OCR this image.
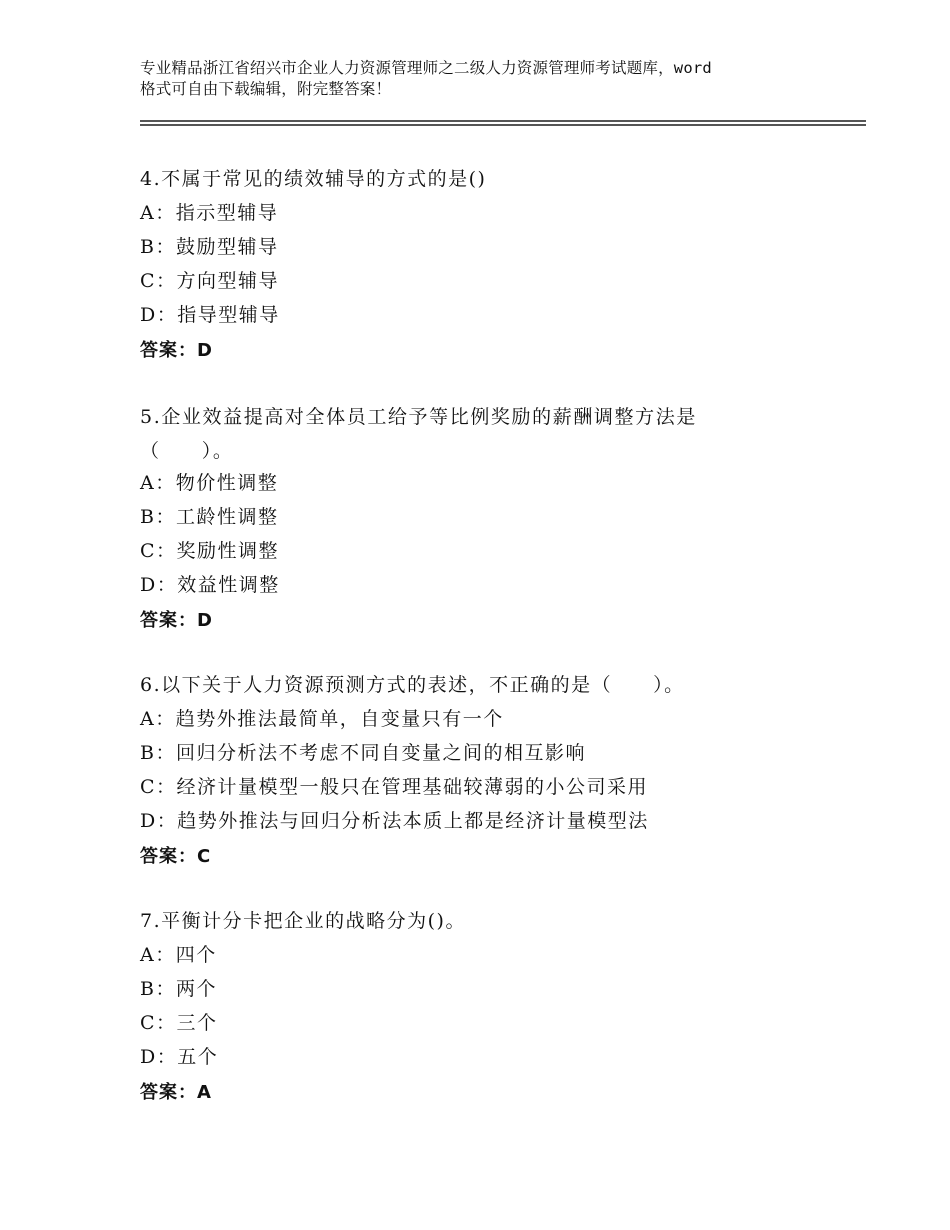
专业精品浙江省绍兴市企业人力资源管理师之二级人力资源管理师考试题库，word

格式可自由下载编辑，附完整答案！

4.不属于常见的绩效辅导的方式的是()
A：指示型辅导
B：鼓励型辅导
C：方向型辅导
D：指导型辅导
答案：D
5.企业效益提高对全体员工给予等比例奖励的薪酬调整方法是（　　）。
A：物价性调整
B：工龄性调整
C：奖励性调整
D：效益性调整
答案：D
6.以下关于人力资源预测方式的表述，不正确的是（　　）。
A：趋势外推法最简单，自变量只有一个
B：回归分析法不考虑不同自变量之间的相互影响
C：经济计量模型一般只在管理基础较薄弱的小公司采用
D：趋势外推法与回归分析法本质上都是经济计量模型法
答案：C
7.平衡计分卡把企业的战略分为()。
A：四个
B：两个
C：三个
D：五个
答案：A
